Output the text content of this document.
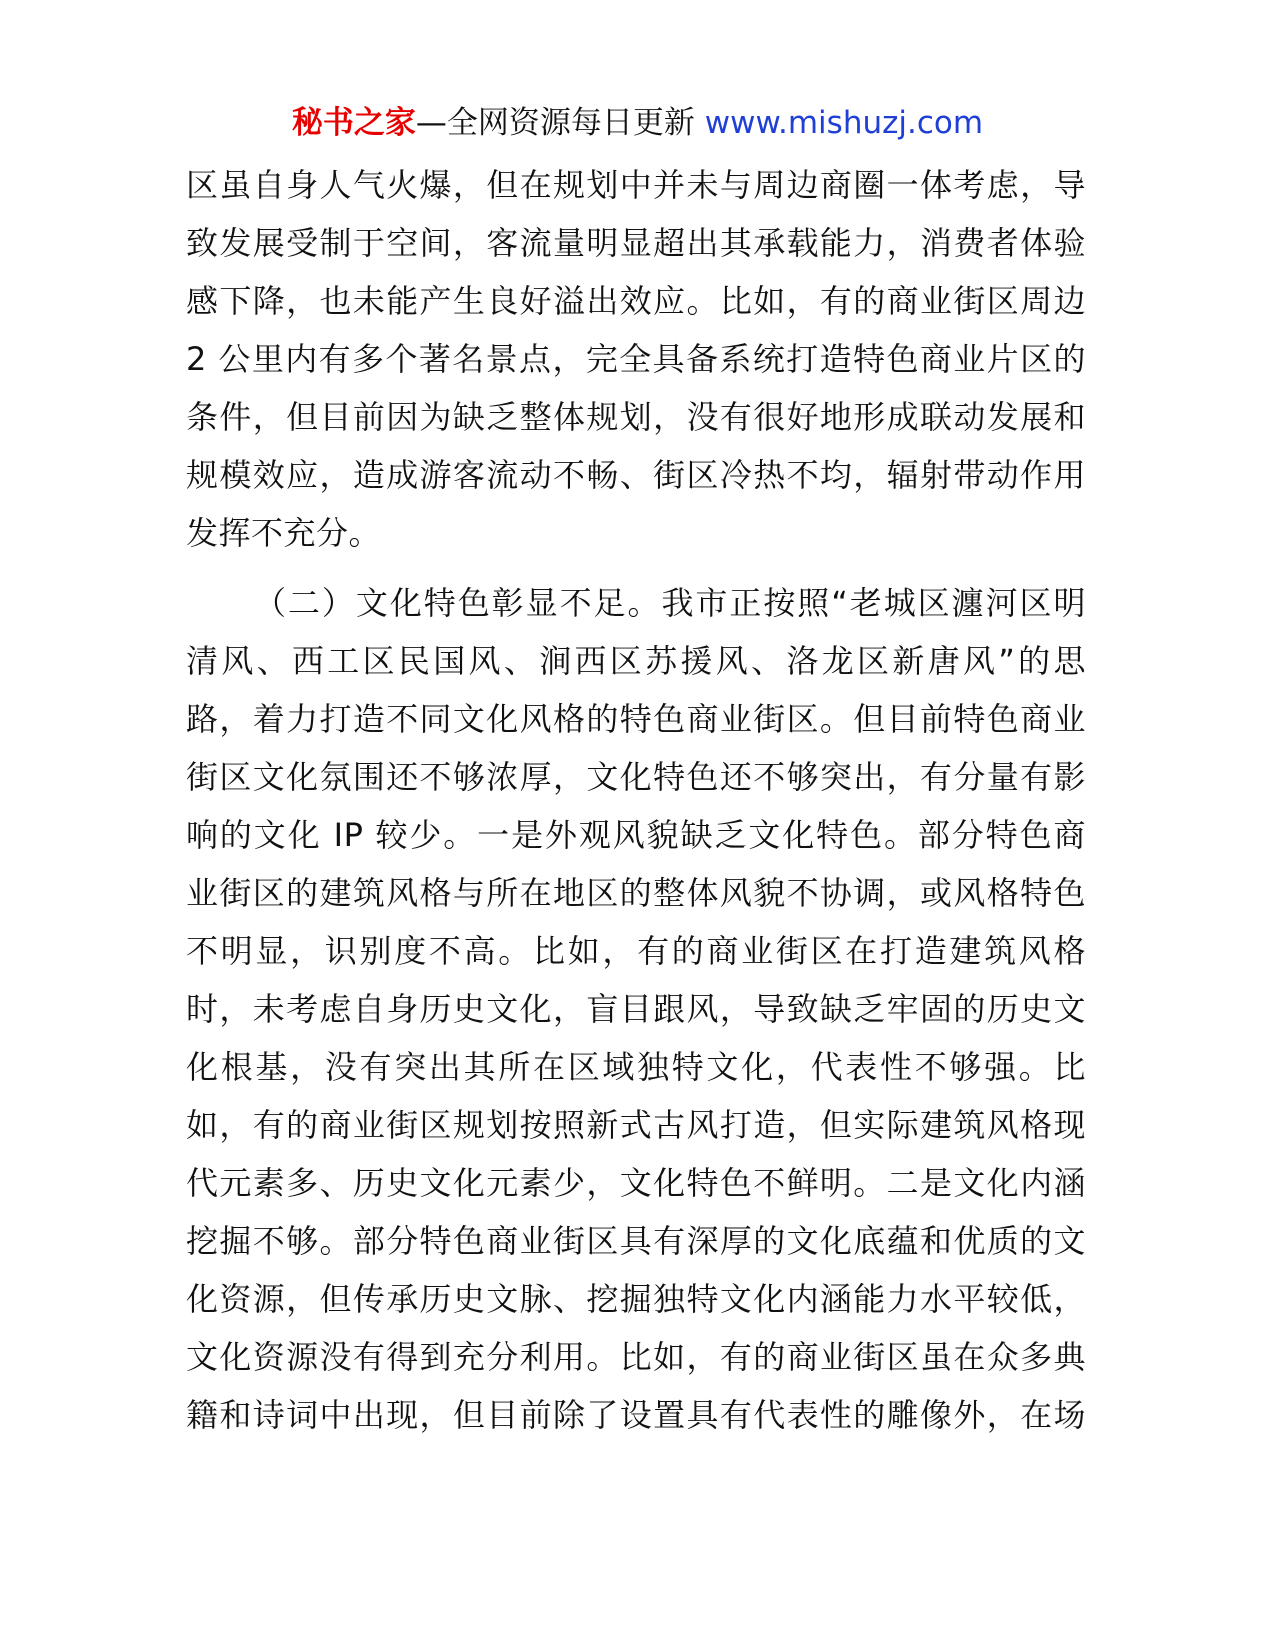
秘书之家—全网资源每日更新 www.mishuzj.com
区虽自身人气火爆，但在规划中并未与周边商圈一体考虑，导
致发展受制于空间，客流量明显超出其承载能力，消费者体验
感下降，也未能产生良好溢出效应。比如，有的商业街区周边
2 公里内有多个著名景点，完全具备系统打造特色商业片区的
条件，但目前因为缺乏整体规划，没有很好地形成联动发展和
规模效应，造成游客流动不畅、街区冷热不均，辐射带动作用
发挥不充分。
（二）文化特色彰显不足。我市正按照“老城区瀍河区明
清风、西工区民国风、涧西区苏援风、洛龙区新唐风”的思
路，着力打造不同文化风格的特色商业街区。但目前特色商业
街区文化氛围还不够浓厚，文化特色还不够突出，有分量有影
响的文化 IP 较少。一是外观风貌缺乏文化特色。部分特色商
业街区的建筑风格与所在地区的整体风貌不协调，或风格特色
不明显，识别度不高。比如，有的商业街区在打造建筑风格
时，未考虑自身历史文化，盲目跟风，导致缺乏牢固的历史文
化根基，没有突出其所在区域独特文化，代表性不够强。比
如，有的商业街区规划按照新式古风打造，但实际建筑风格现
代元素多、历史文化元素少，文化特色不鲜明。二是文化内涵
挖掘不够。部分特色商业街区具有深厚的文化底蕴和优质的文
化资源，但传承历史文脉、挖掘独特文化内涵能力水平较低，
文化资源没有得到充分利用。比如，有的商业街区虽在众多典
籍和诗词中出现，但目前除了设置具有代表性的雕像外，在场
